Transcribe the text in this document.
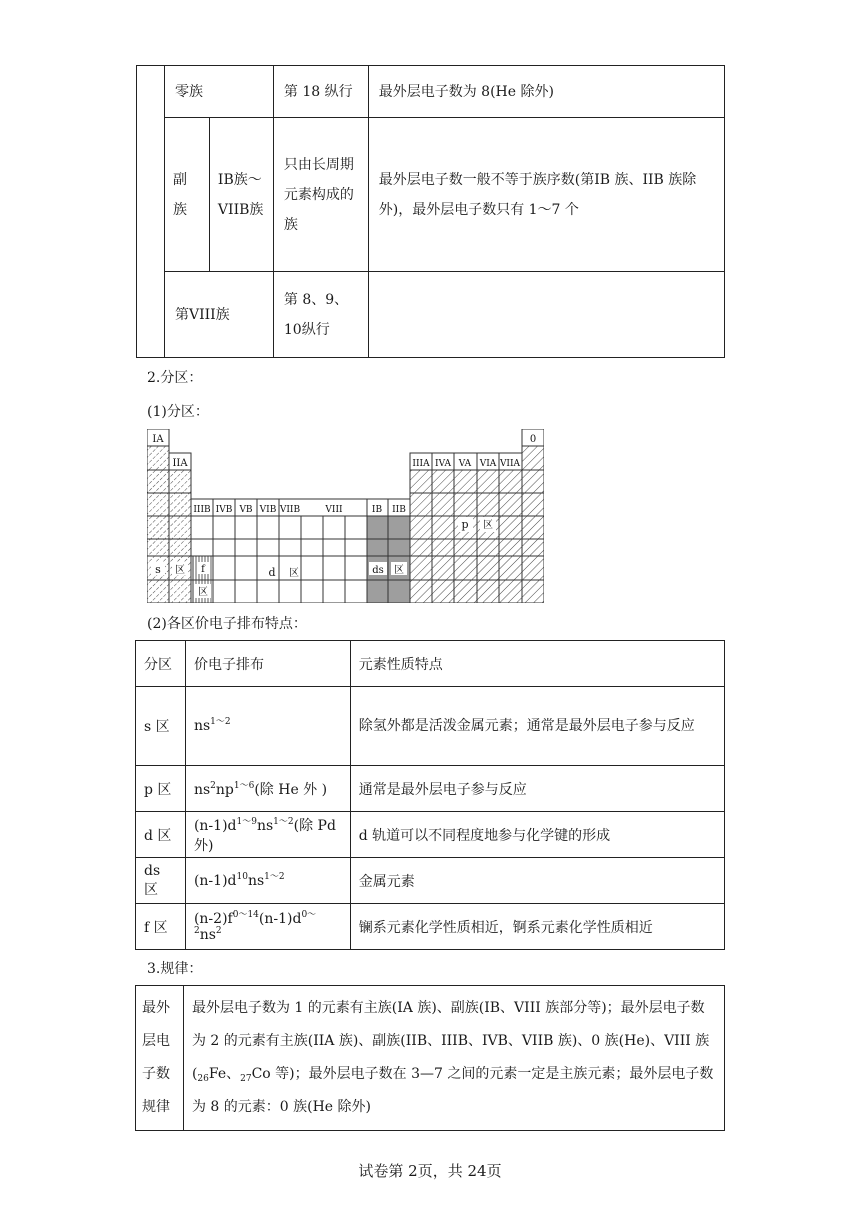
	零族		第 18 纵行	最外层电子数为 8(He 除外)
	副族	IB族～VIIB族	只由长周期元素构成的族	最外层电子数一般不等于族序数(第IB 族、IIB 族除外)，最外层电子数只有 1～7 个
	第VIII族		第 8、9、10纵行	
2.分区：
(1)分区：
IA
IIA
IIIB IVB VB VIB VIIB	VIII	IB IIB
IIIA IVA VA VIA VIIA
0
s 区 f
区
d 区	ds 区
p 区
(2)各区价电子排布特点：
分区	价电子排布	元素性质特点
s 区	$ns^{1\sim 2}$	除氢外都是活泼金属元素；通常是最外层电子参与反应
p 区	$ns^2np^{1\sim 6}$(除 He 外 )	通常是最外层电子参与反应
d 区	$(n-1)d^{1\sim 9}ns^{1\sim 2}$(除 Pd 外)	d 轨道可以不同程度地参与化学键的形成
ds 区	$(n-1)d^{10}ns^{1\sim 2}$	金属元素
f 区	$(n-2)f^{0\sim 14}(n-1)d^{0\sim 2}ns^2$	镧系元素化学性质相近，锕系元素化学性质相近
3.规律：
最外层电子数规律	最外层电子数为 1 的元素有主族(IA 族)、副族(IB、VIII 族部分等)；最外层电子数为 2 的元素有主族(IIA 族)、副族(IIB、IIIB、IVB、VIIB 族)、0 族(He)、VIII 族($_{26}Fe$、$_{27}$Co 等)；最外层电子数在 3—7 之间的元素一定是主族元素；最外层电子数为 8 的元素：0 族(He 除外)
试卷第 2页，共 24页
